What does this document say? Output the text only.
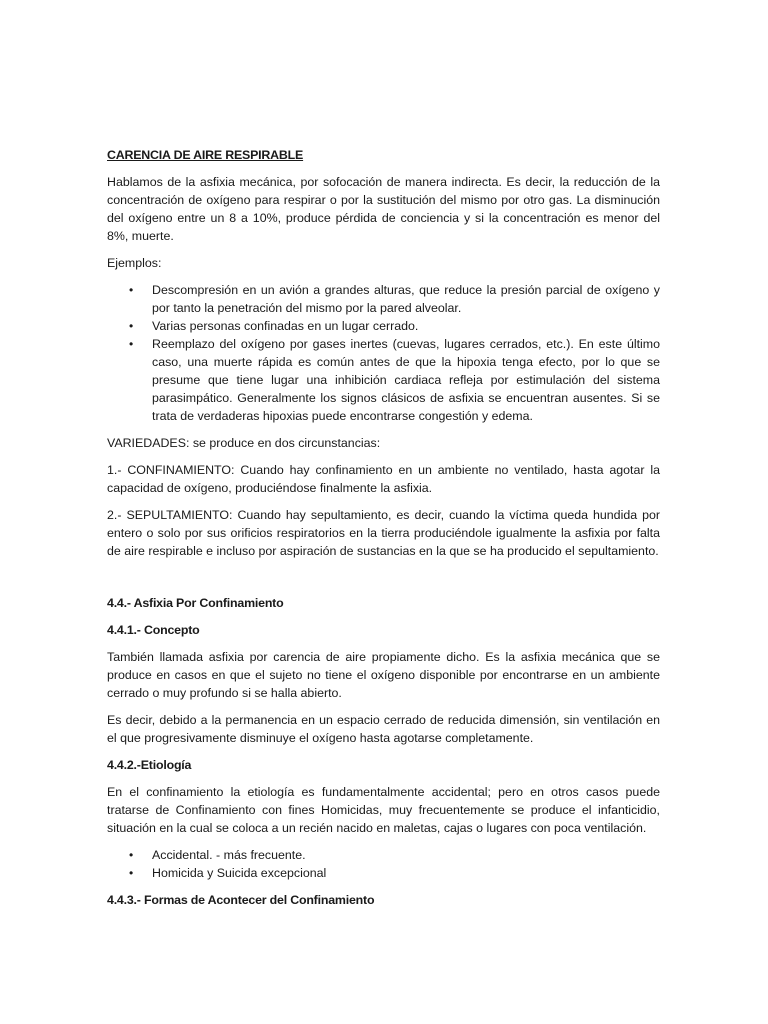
CARENCIA DE AIRE RESPIRABLE

Hablamos de la asfixia mecánica, por sofocación de manera indirecta. Es decir, la reducción de la concentración de oxígeno para respirar o por la sustitución del mismo por otro gas. La disminución del oxígeno entre un 8 a 10%, produce pérdida de conciencia y si la concentración es menor del 8%, muerte.

Ejemplos:

• Descompresión en un avión a grandes alturas, que reduce la presión parcial de oxígeno y por tanto la penetración del mismo por la pared alveolar.
• Varias personas confinadas en un lugar cerrado.
• Reemplazo del oxígeno por gases inertes (cuevas, lugares cerrados, etc.). En este último caso, una muerte rápida es común antes de que la hipoxia tenga efecto, por lo que se presume que tiene lugar una inhibición cardiaca refleja por estimulación del sistema parasimpático. Generalmente los signos clásicos de asfixia se encuentran ausentes. Si se trata de verdaderas hipoxias puede encontrarse congestión y edema.

VARIEDADES: se produce en dos circunstancias:

1.- CONFINAMIENTO: Cuando hay confinamiento en un ambiente no ventilado, hasta agotar la capacidad de oxígeno, produciéndose finalmente la asfixia.

2.- SEPULTAMIENTO: Cuando hay sepultamiento, es decir, cuando la víctima queda hundida por entero o solo por sus orificios respiratorios en la tierra produciéndole igualmente la asfixia por falta de aire respirable e incluso por aspiración de sustancias en la que se ha producido el sepultamiento.

4.4.- Asfixia Por Confinamiento

4.4.1.- Concepto

También llamada asfixia por carencia de aire propiamente dicho. Es la asfixia mecánica que se produce en casos en que el sujeto no tiene el oxígeno disponible por encontrarse en un ambiente cerrado o muy profundo si se halla abierto.

Es decir, debido a la permanencia en un espacio cerrado de reducida dimensión, sin ventilación en el que progresivamente disminuye el oxígeno hasta agotarse completamente.

4.4.2.-Etiología

En el confinamiento la etiología es fundamentalmente accidental; pero en otros casos puede tratarse de Confinamiento con fines Homicidas, muy frecuentemente se produce el infanticidio, situación en la cual se coloca a un recién nacido en maletas, cajas o lugares con poca ventilación.

• Accidental. - más frecuente.
• Homicida y Suicida excepcional

4.4.3.- Formas de Acontecer del Confinamiento
